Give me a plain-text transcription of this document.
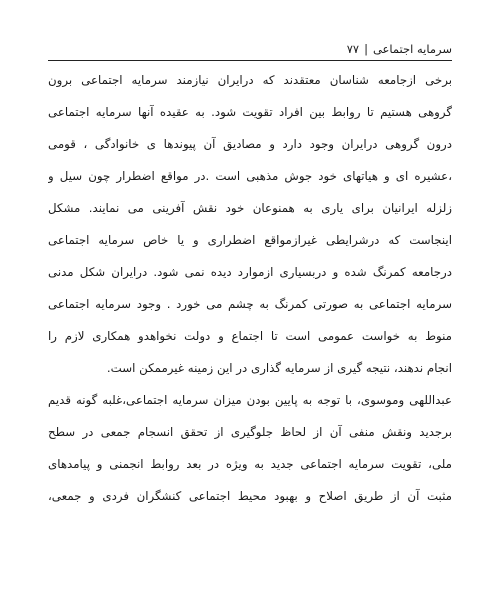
سرمایه اجتماعی|۷۷
برخی ازجامعه شناسان معتقدند که درایران نیازمند سرمایه اجتماعی برون
گروهی هستیم تا روابط بین افراد تقویت شود. به عقیده آنها سرمایه اجتماعی
درون گروهی درایران وجود دارد و مصادیق آن پیوندها ی خانوادگی ، قومی
،عشیره ای و هیاتهای خود جوش مذهبی است .در مواقع اضطرار چون سیل و
زلزله ایرانیان برای یاری به همنوعان خود نقش آفرینی می نمایند. مشکل
اینجاست که درشرایطی غیرازمواقع اضطراری و یا خاص سرمایه اجتماعی
درجامعه کمرنگ شده و دربسیاری ازموارد دیده نمی شود. درایران شکل مدنی
سرمایه اجتماعی به صورتی کمرنگ به چشم می خورد . وجود سرمایه اجتماعی
منوط به خواست عمومی است تا اجتماع و دولت نخواهدو همکاری لازم را
انجام ندهند، نتیجه گیری از سرمایه گذاری در این زمینه غیرممکن است.
عبداللهی وموسوی، با توجه به پایین بودن میزان سرمایه اجتماعی،غلبه گونه قدیم
برجدید ونقش منفی آن از لحاظ جلوگیری از تحقق انسجام جمعی در سطح
ملی، تقویت سرمایه اجتماعی جدید به ویژه در بعد روابط انجمنی و پیامدهای
مثبت آن از طریق اصلاح و بهبود محیط اجتماعی کنشگران فردی و جمعی،
